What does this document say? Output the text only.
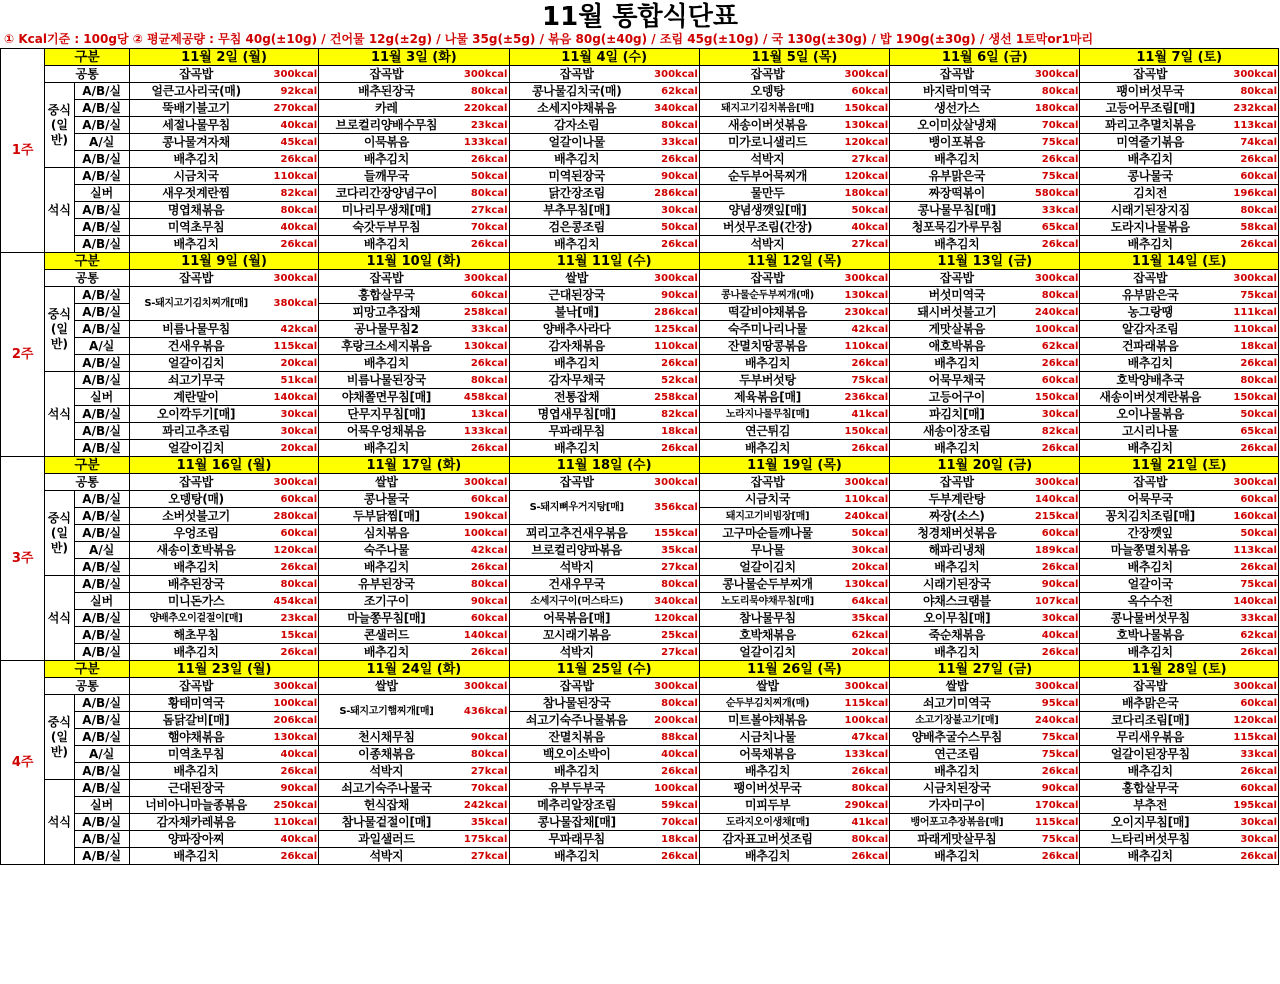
11월 통합식단표
① Kcal기준 : 100g당 ② 평균제공량 : 무침 40g(±10g) / 건어물 12g(±2g) / 나물 35g(±5g) / 볶음 80g(±40g) / 조림 45g(±10g) / 국 130g(±30g) / 밥 190g(±30g) / 생선 1토막or1마리
1주	구분		11월 2일 (월)		11월 3일 (화)		11월 4일 (수)		11월 5일 (목)		11월 6일 (금)		11월 7일 (토)	
	공통		잡곡밥	300kcal	잡곡밥	300kcal	잡곡밥	300kcal	잡곡밥	300kcal	잡곡밥	300kcal	잡곡밥	300kcal
	중식(일반)	A/B/실	얼큰고사리국(매)	92kcal	배추된장국	80kcal	콩나물김치국(매)	62kcal	오뎅탕	60kcal	바지락미역국	80kcal	팽이버섯무국	80kcal
		A/B/실	뚝배기불고기	270kcal	카레	220kcal	소세지야채볶음	340kcal	돼지고기김치볶음[매]	150kcal	생선가스	180kcal	고등어무조림[매]	232kcal
		A/B/실	세절나물무침	40kcal	브로컬리양배수무침	23kcal	감자소림	80kcal	새송이버섯볶음	130kcal	오이미샀살냉채	70kcal	꽈리고추멸치볶음	113kcal
		A/실	콩나물겨자채	45kcal	이묵볶음	133kcal	얼갈이나물	33kcal	미가로니샐리드	120kcal	뱅이포볶음	75kcal	미역줄기볶음	74kcal
		A/B/실	배추김치	26kcal	배추김치	26kcal	배추김치	26kcal	석박지	27kcal	배추김치	26kcal	배추김치	26kcal
	석식	A/B/실	시금치국	110kcal	들깨무국	50kcal	미역된장국	90kcal	순두부어묵찌개	120kcal	유부맑은국	75kcal	콩나물국	60kcal
		실버	새우젓계란찜	82kcal	코다리간장양념구이	80kcal	닭간장조림	286kcal	물만두	180kcal	짜장떡볶이	580kcal	김치전	196kcal
		A/B/실	명엽채볶음	80kcal	미나리무생채[매]	27kcal	부추무침[매]	30kcal	양념생깻잎[매]	50kcal	콩나물무침[매]	33kcal	시래기된장지짐	80kcal
		A/B/실	미역초무침	40kcal	숙갓두부무침	70kcal	검은콩조림	50kcal	버섯무조림(간장)	40kcal	청포묵김가루무침	65kcal	도라지나물볶음	58kcal
		A/B/실	배추김치	26kcal	배추김치	26kcal	배추김치	26kcal	석박지	27kcal	배추김치	26kcal	배추김치	26kcal
2주	구분		11월 9일 (월)		11월 10일 (화)		11월 11일 (수)		11월 12일 (목)		11월 13일 (금)		11월 14일 (토)	
	공통		잡곡밥	300kcal	잡곡밥	300kcal	쌀밥	300kcal	잡곡밥	300kcal	잡곡밥	300kcal	잡곡밥	300kcal
	중식(일반)	A/B/실	S-돼지고기김치찌개[매]	380kcal	홍합살무국	60kcal	근대된장국	90kcal	콩나물순두부찌개(매)	130kcal	버섯미역국	80kcal	유부맑은국	75kcal
		A/B/실			피망고추잡채	258kcal	불낙[매]	286kcal	떡갈비야채볶음	230kcal	돼시버섯불고기	240kcal	농그랑땡	111kcal
		A/B/실	비름나물무침	42kcal	공나물무침2	33kcal	양배추사라다	125kcal	숙주미나리나물	42kcal	게맛살볶음	100kcal	알감자조림	110kcal
		A/실	건새우볶음	115kcal	후랑크소세지볶음	130kcal	감자채볶음	110kcal	잔멸치땅콩볶음	110kcal	애호박볶음	62kcal	건파래볶음	18kcal
		A/B/실	얼갈이김치	20kcal	배추김치	26kcal	배추김치	26kcal	배추김치	26kcal	배추김치	26kcal	배추김치	26kcal
	석식	A/B/실	쇠고기무국	51kcal	비름나물된장국	80kcal	감자무채국	52kcal	두부버섯탕	75kcal	어묵무채국	60kcal	호박양배추국	80kcal
		실버	계란말이	140kcal	야채쫄면무침[매]	458kcal	전통잡채	258kcal	제육볶음[매]	236kcal	고등어구이	150kcal	새송이버섯계란볶음	150kcal
		A/B/실	오이깍두기[매]	30kcal	단무지무침[매]	13kcal	명엽새무침[매]	82kcal	노라지나물무침[매]	41kcal	파김치[매]	30kcal	오이나물볶음	50kcal
		A/B/실	꽈리고추조림	30kcal	어묵우엉채볶음	133kcal	무파래무침	18kcal	연근튀김	150kcal	새송이장조림	82kcal	고시리나물	65kcal
		A/B/실	얼갈이김치	20kcal	배추김치	26kcal	배추김치	26kcal	배추김치	26kcal	배추김치	26kcal	배추김치	26kcal
3주	구분		11월 16일 (월)		11월 17일 (화)		11월 18일 (수)		11월 19일 (목)		11월 20일 (금)		11월 21일 (토)	
	공통		잡곡밥	300kcal	쌀밥	300kcal	잡곡밥	300kcal	잡곡밥	300kcal	잡곡밥	300kcal	잡곡밥	300kcal
	중식(일반)	A/B/실	오뎅탕(매)	60kcal	콩나물국	60kcal	S-돼지뼈우거지탕[매]	356kcal	시금치국	110kcal	두부계란탕	140kcal	어묵무국	60kcal
		A/B/실	소버섯불고기	280kcal	두부닭찜[매]	190kcal			돼지고기비빔장[매]	240kcal	짜장(소스)	215kcal	꽁치김치조림[매]	160kcal
		A/B/실	우엉조림	60kcal	심치볶음	100kcal	꾀리고추건새우볶음	155kcal	고구마순들깨나물	50kcal	청경채버섯볶음	60kcal	간장깻잎	50kcal
		A/실	새송이호박볶음	120kcal	숙주나물	42kcal	브로컬리양파볶음	35kcal	무나물	30kcal	해파리냉채	189kcal	마늘쫑멸치볶음	113kcal
		A/B/실	배추김치	26kcal	배추김치	26kcal	석박지	27kcal	얼갈이김치	20kcal	배추김치	26kcal	배추김치	26kcal
	석식	A/B/실	배추된장국	80kcal	유부된장국	80kcal	건새우무국	80kcal	콩나물순두부찌개	130kcal	시래기된장국	90kcal	얼갈이국	75kcal
		실버	미니돈가스	454kcal	조기구이	90kcal	소세지구이(머스타드)	340kcal	노도리묵야채무침[매]	64kcal	야채스크램블	107kcal	옥수수전	140kcal
		A/B/실	양배추오이겉절이[매]	23kcal	마늘쫑무침[매]	60kcal	어묵볶음[매]	120kcal	참나물무침	35kcal	오이무침[매]	30kcal	콩나물버섯무침	33kcal
		A/B/실	해초무침	15kcal	콘샐러드	140kcal	꼬시래기볶음	25kcal	호박채볶음	62kcal	죽순채볶음	40kcal	호박나물볶음	62kcal
		A/B/실	배추김치	26kcal	배추김치	26kcal	석박지	27kcal	얼갈이김치	20kcal	배추김치	26kcal	배추김치	26kcal
4주	구분		11월 23일 (월)		11월 24일 (화)		11월 25일 (수)		11월 26일 (목)		11월 27일 (금)		11월 28일 (토)	
	공통		잡곡밥	300kcal	쌀밥	300kcal	잡곡밥	300kcal	쌀밥	300kcal	쌀밥	300kcal	잡곡밥	300kcal
	중식(일반)	A/B/실	황태미역국	100kcal	S-돼지고기햄찌개[매]	436kcal	참나물된장국	80kcal	순두부김치찌개(매)	115kcal	쇠고기미역국	95kcal	배추맑은국	60kcal
		A/B/실	돔닭갈비[매]	206kcal			쇠고기숙주나물볶음	200kcal	미트볼야채볶음	100kcal	소고기장불고기[매]	240kcal	코다리조림[매]	120kcal
		A/B/실	햄야채볶음	130kcal	천시채무침	90kcal	잔멸치볶음	88kcal	시금치나물	47kcal	양배추굴수스무침	75kcal	무리새우볶음	115kcal
		A/실	미역초무침	40kcal	이종채볶음	80kcal	백오이소박이	40kcal	어묵채볶음	133kcal	연근조림	75kcal	얼갈이된장무침	33kcal
		A/B/실	배추김치	26kcal	석박지	27kcal	배추김치	26kcal	배추김치	26kcal	배추김치	26kcal	배추김치	26kcal
	석식	A/B/실	근대된장국	90kcal	쇠고기숙주나물국	70kcal	유부두부국	100kcal	팽이버섯무국	80kcal	시금치된장국	90kcal	홍합살무국	60kcal
		실버	너비아니마늘종볶음	250kcal	헌식잡채	242kcal	메추리알장조림	59kcal	미피두부	290kcal	가자미구이	170kcal	부추전	195kcal
		A/B/실	감자채카레볶음	110kcal	참나물겉절이[매]	35kcal	콩나물잡채[매]	70kcal	도라지오이생채[매]	41kcal	뱅어포고추장볶음[매]	115kcal	오이지무침[매]	30kcal
		A/B/실	양파장아찌	40kcal	과일샐러드	175kcal	무파래무침	18kcal	감자표고버섯조림	80kcal	파래게맛살무침	75kcal	느타리버섯무침	30kcal
		A/B/실	배추김치	26kcal	석박지	27kcal	배추김치	26kcal	배추김치	26kcal	배추김치	26kcal	배추김치	26kcal
